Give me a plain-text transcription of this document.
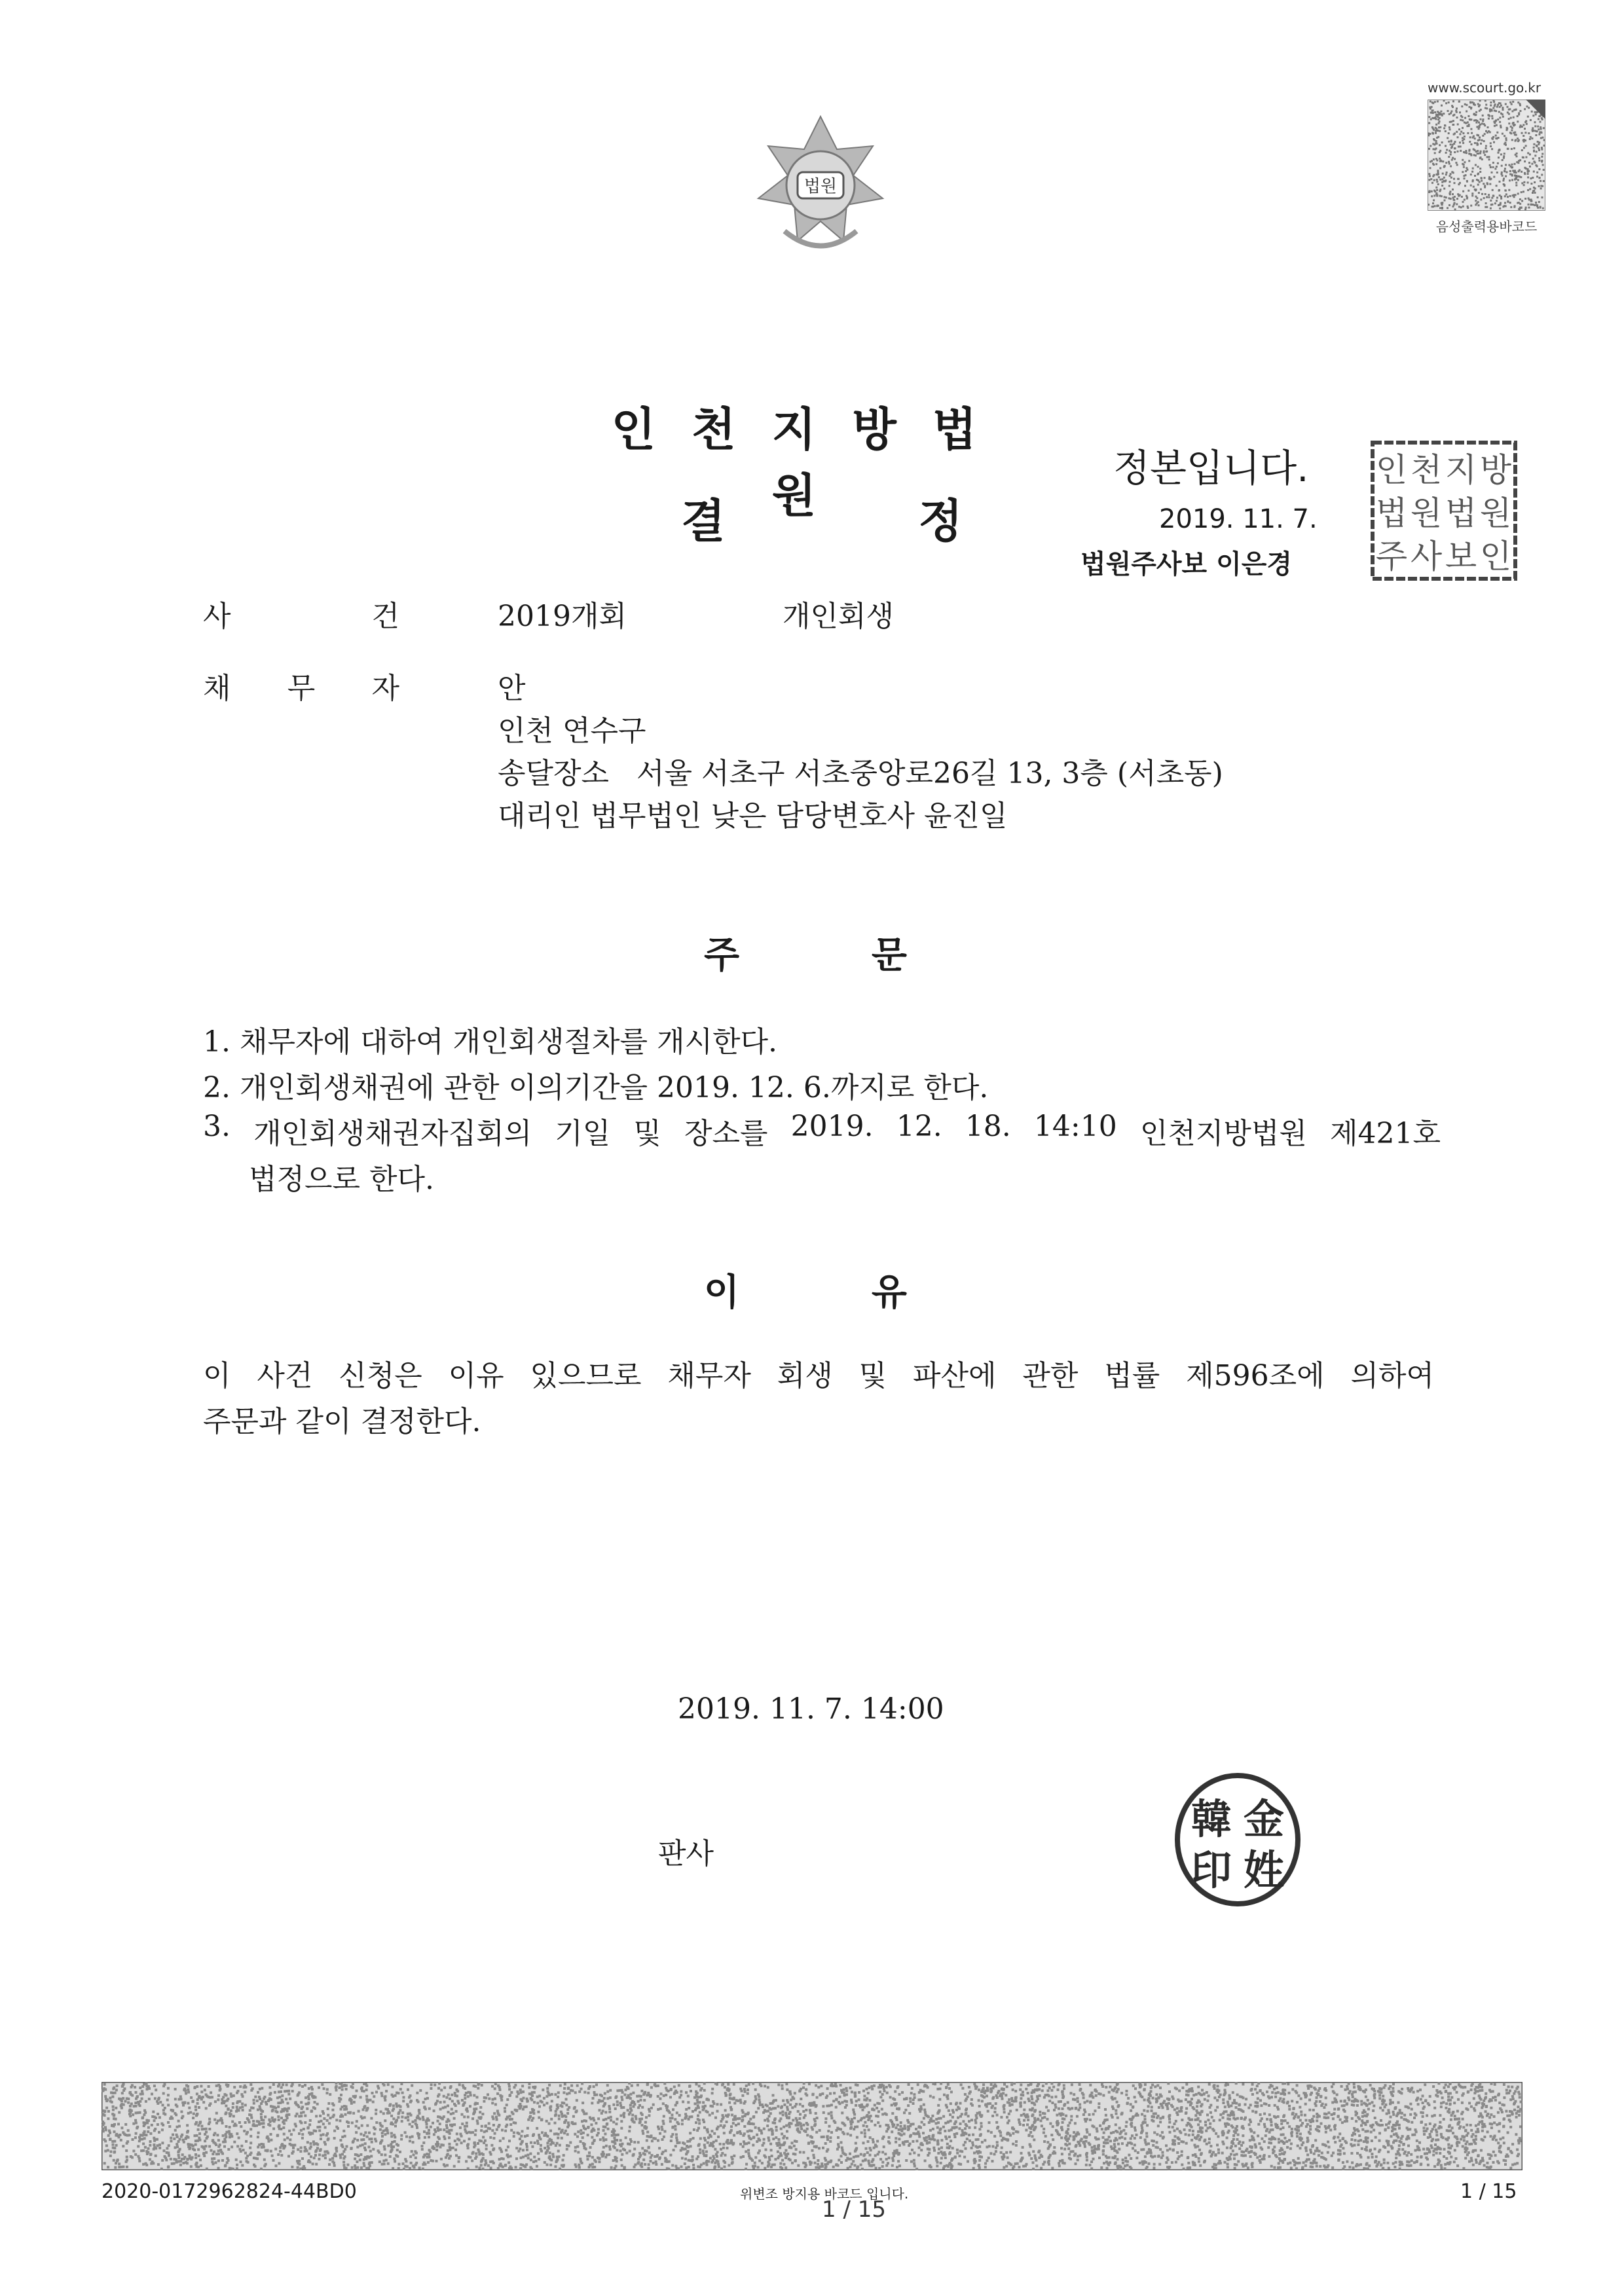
법원
www.scourt.go.kr
음성출력용바코드
인천지방법원
결	정
정본입니다.
2019. 11. 7.
법원주사보 이은경
인 천 지 방
법 원 법 원
주 사 보 인
사	건	2019개회	개인회생
채 무 자	안
인천 연수구
송달장소   서울 서초구 서초중앙로26길 13, 3층 (서초동)
대리인 법무법인 낮은 담당변호사 윤진일
주	문
1. 채무자에 대하여 개인회생절차를 개시한다.
2. 개인회생채권에 관한 이의기간을 2019. 12. 6.까지로 한다.
3. 개인회생채권자집회의 기일 및 장소를 2019. 12. 18. 14:10 인천지방법원 제421호
법정으로 한다.
이	유
이 사건 신청은 이유 있으므로 채무자 회생 및 파산에 관한 법률 제596조에 의하여
주문과 같이 결정한다.
2019. 11. 7. 14:00
판사
金
韓
姓
印
2020-0172962824-44BD0	위변조 방지용 바코드 입니다.
1 / 15
1 / 15
